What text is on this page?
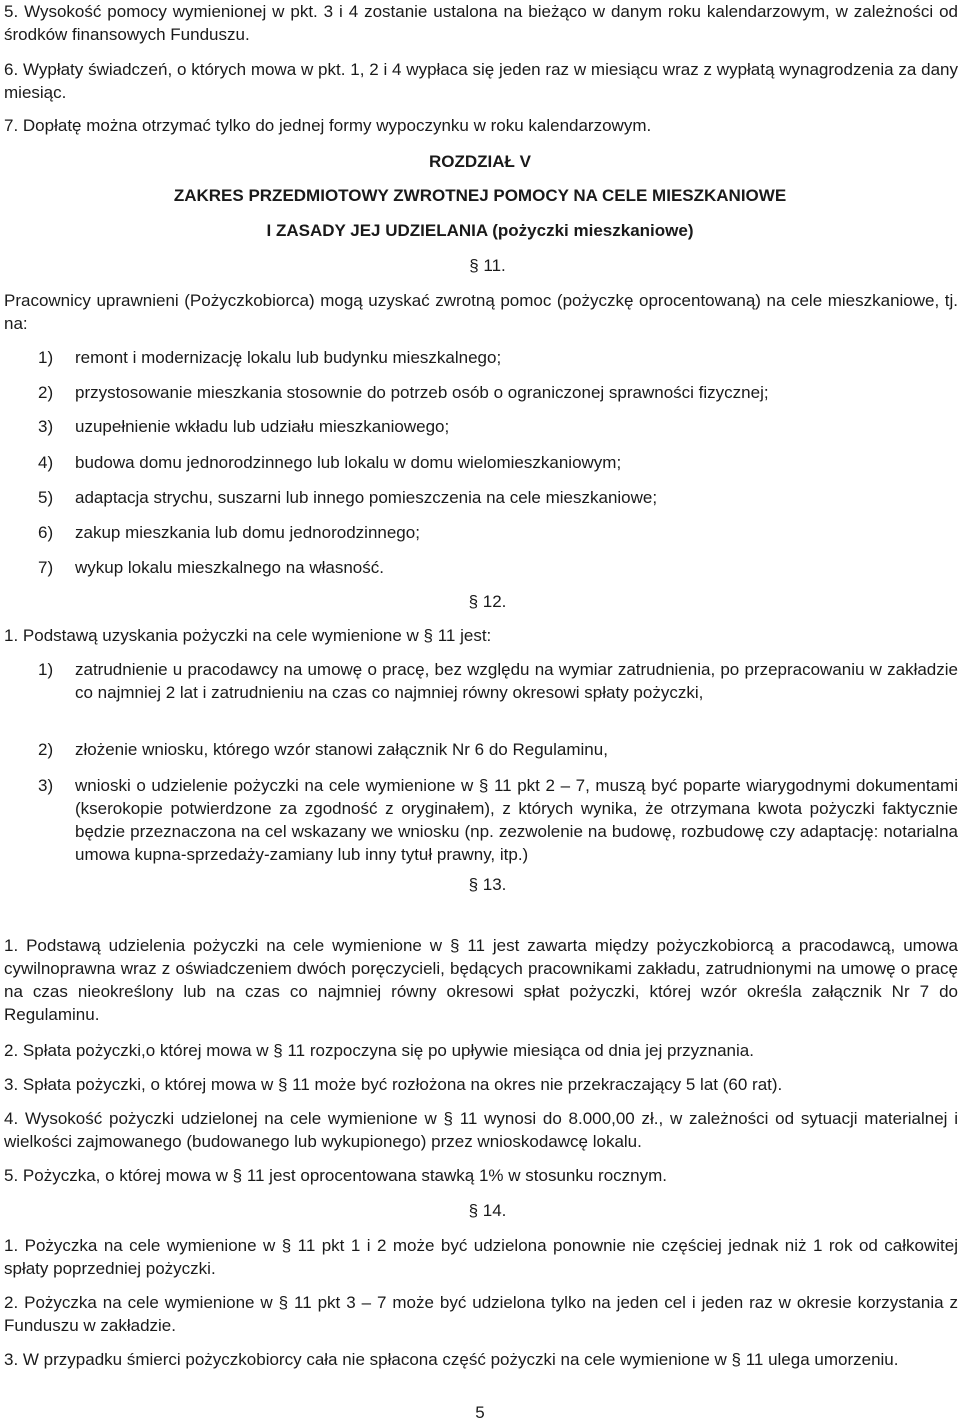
5. Wysokość pomocy wymienionej w pkt. 3 i 4 zostanie ustalona na bieżąco w danym roku kalendarzowym, w zależności od środków finansowych Funduszu.

6. Wypłaty świadczeń, o których mowa w pkt. 1, 2 i 4 wypłaca się jeden raz w miesiącu wraz z wypłatą wynagrodzenia za dany miesiąc.

7. Dopłatę można otrzymać tylko do jednej formy wypoczynku w roku kalendarzowym.

ROZDZIAŁ V
ZAKRES PRZEDMIOTOWY ZWROTNEJ POMOCY NA CELE MIESZKANIOWE
I ZASADY JEJ UDZIELANIA (pożyczki mieszkaniowe)
§ 11.

Pracownicy uprawnieni (Pożyczkobiorca) mogą uzyskać zwrotną pomoc (pożyczkę oprocentowaną) na cele mieszkaniowe, tj. na:

1) remont i modernizację lokalu lub budynku mieszkalnego;
2) przystosowanie mieszkania stosownie do potrzeb osób o ograniczonej sprawności fizycznej;
3) uzupełnienie wkładu lub udziału mieszkaniowego;
4) budowa domu jednorodzinnego lub lokalu w domu wielomieszkaniowym;
5) adaptacja strychu, suszarni lub innego pomieszczenia na cele mieszkaniowe;
6) zakup mieszkania lub domu jednorodzinnego;
7) wykup lokalu mieszkalnego na własność.
§ 12.

1. Podstawą uzyskania pożyczki na cele wymienione w § 11 jest:

1) zatrudnienie u pracodawcy na umowę o pracę, bez względu na wymiar zatrudnienia, po przepracowaniu w zakładzie co najmniej 2 lat i zatrudnieniu na czas co najmniej równy okresowi spłaty pożyczki,
2) złożenie wniosku, którego wzór stanowi załącznik Nr 6 do Regulaminu,
3) wnioski o udzielenie pożyczki na cele wymienione w § 11 pkt 2 – 7, muszą być poparte wiarygodnymi dokumentami (kserokopie potwierdzone za zgodność z oryginałem), z których wynika, że otrzymana kwota pożyczki faktycznie będzie przeznaczona na cel wskazany we wniosku (np. zezwolenie na budowę, rozbudowę czy adaptację: notarialna umowa kupna-sprzedaży-zamiany lub inny tytuł prawny, itp.)
§ 13.

1. Podstawą udzielenia pożyczki na cele wymienione w § 11 jest zawarta między pożyczkobiorcą a pracodawcą, umowa cywilnoprawna wraz z oświadczeniem dwóch poręczycieli, będących pracownikami zakładu, zatrudnionymi na umowę o pracę na czas nieokreślony lub na czas co najmniej równy okresowi spłat pożyczki, której wzór określa załącznik Nr 7 do Regulaminu.

2. Spłata pożyczki,o której mowa w § 11 rozpoczyna się po upływie miesiąca od dnia jej przyznania.

3. Spłata pożyczki, o której mowa w § 11 może być rozłożona na okres nie przekraczający 5 lat (60 rat).

4. Wysokość pożyczki udzielonej na cele wymienione w § 11 wynosi do 8.000,00 zł., w zależności od sytuacji materialnej i wielkości zajmowanego (budowanego lub wykupionego) przez wnioskodawcę lokalu.

5. Pożyczka, o której mowa w § 11 jest oprocentowana stawką 1% w stosunku rocznym.

§ 14.

1. Pożyczka na cele wymienione w § 11 pkt 1 i 2 może być udzielona ponownie nie częściej jednak niż 1 rok od całkowitej spłaty poprzedniej pożyczki.

2. Pożyczka na cele wymienione w § 11 pkt 3 – 7 może być udzielona tylko na jeden cel i jeden raz w okresie korzystania z Funduszu w zakładzie.

3. W przypadku śmierci pożyczkobiorcy cała nie spłacona część pożyczki na cele wymienione w § 11 ulega umorzeniu.

5
